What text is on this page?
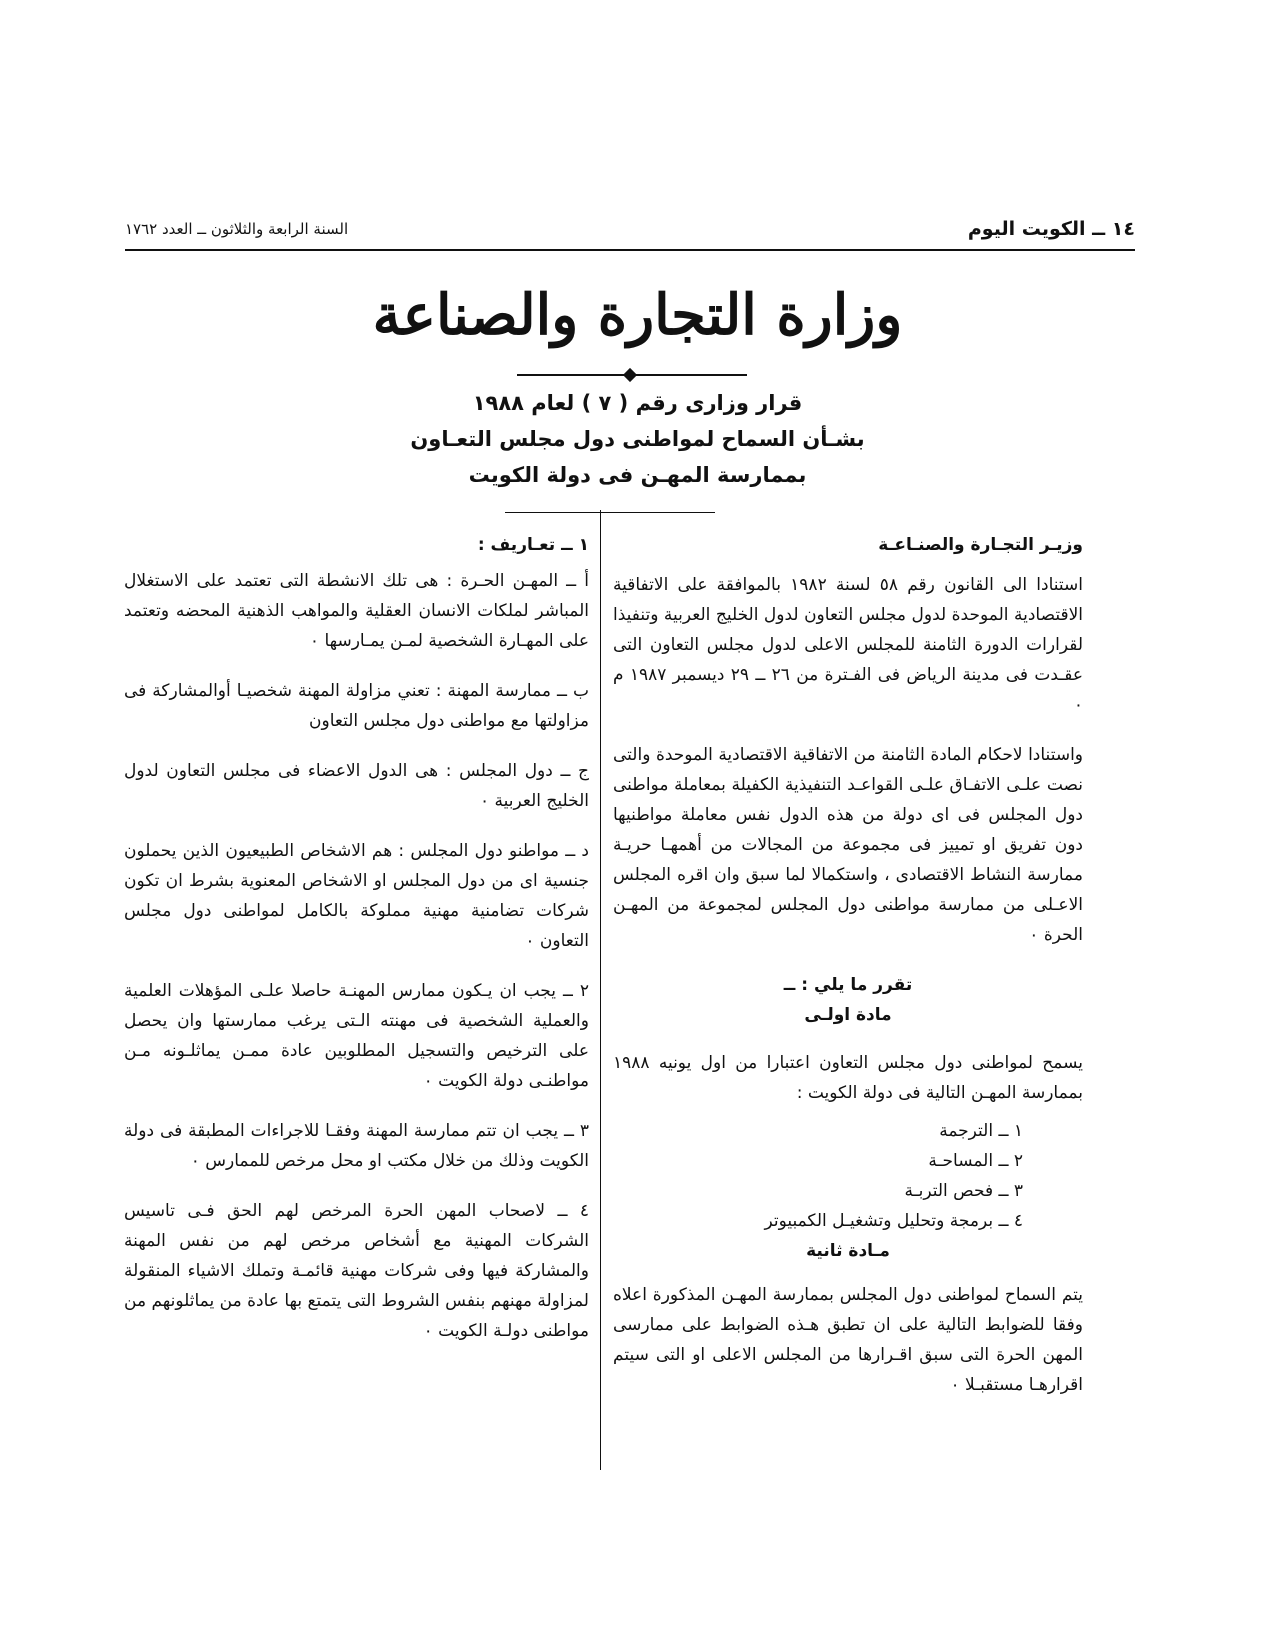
١٤ ــ الكويت اليوم
السنة الرابعة والثلاثون ــ العدد ١٧٦٢
وزارة التجارة والصناعة
قرار وزارى رقم ( ٧ ) لعام ١٩٨٨
بشـأن السماح لمواطنى دول مجلس التعـاون
بممارسة المهـن فى دولة الكويت

وزيـر التجـارة والصنـاعـة

استنادا الى القانون رقم ٥٨ لسنة ١٩٨٢ بالموافقة على الاتفاقية الاقتصادية الموحدة لدول مجلس التعاون لدول الخليج العربية وتنفيذا لقرارات الدورة الثامنة للمجلس الاعلى لدول مجلس التعاون التى عقـدت فى مدينة الرياض فى الفـترة من ٢٦ ــ ٢٩ ديسمبر ١٩٨٧ م ٠

واستنادا لاحكام المادة الثامنة من الاتفاقية الاقتصادية الموحدة والتى نصت علـى الاتفـاق علـى القواعـد التنفيذية الكفيلة بمعاملة مواطنى دول المجلس فى اى دولة من هذه الدول نفس معاملة مواطنيها دون تفريق او تمييز فى مجموعة من المجالات من أهمهـا حريـة ممارسة النشاط الاقتصادى ، واستكمالا لما سبق وان اقره المجلس الاعـلى من ممارسة مواطنى دول المجلس لمجموعة من المهـن الحرة ٠

تقرر ما يلي : ــ

مادة اولـى

يسمح لمواطنى دول مجلس التعاون اعتبارا من اول يونيه ١٩٨٨ بممارسة المهـن التالية فى دولة الكويت :

١ ــ الترجمة

٢ ــ المساحـة

٣ ــ فحص التربـة

٤ ــ برمجة وتحليل وتشغيـل الكمبيوتر

مـادة ثانية

يتم السماح لمواطنى دول المجلس بممارسة المهـن المذكورة اعلاه وفقا للضوابط التالية على ان تطبق هـذه الضوابط على ممارسى المهن الحرة التى سبق اقـرارها من المجلس الاعلى او التى سيتم اقرارهـا مستقبـلا ٠

١ ــ تعـاريف :

أ ــ المهـن الحـرة : هى تلك الانشطة التى تعتمد على الاستغلال المباشر لملكات الانسان العقلية والمواهب الذهنية المحضه وتعتمد على المهـارة الشخصية لمـن يمـارسها ٠

ب ــ ممارسة المهنة : تعني مزاولة المهنة شخصيـا أوالمشاركة فى مزاولتها مع مواطنى دول مجلس التعاون

ج ــ دول المجلس : هى الدول الاعضاء فى مجلس التعاون لدول الخليج العربية ٠

د ــ مواطنو دول المجلس : هم الاشخاص الطبيعيون الذين يحملون جنسية اى من دول المجلس او الاشخاص المعنوية بشرط ان تكون شركات تضامنية مهنية مملوكة بالكامل لمواطنى دول مجلس التعاون ٠

٢ ــ يجب ان يـكون ممارس المهنـة حاصلا علـى المؤهلات العلمية والعملية الشخصية فى مهنته الـتى يرغب ممارستها وان يحصل على الترخيص والتسجيل المطلوبين عادة ممـن يماثلـونه مـن مواطنـى دولة الكويت ٠

٣ ــ يجب ان تتم ممارسة المهنة وفقـا للاجراءات المطبقة فى دولة الكويت وذلك من خلال مكتب او محل مرخص للممارس ٠

٤ ــ لاصحاب المهن الحرة المرخص لهم الحق فـى تاسيس الشركات المهنية مع أشخاص مرخص لهم من نفس المهنة والمشاركة فيها وفى شركات مهنية قائمـة وتملك الاشياء المنقولة لمزاولة مهنهم بنفس الشروط التى يتمتع بها عادة من يماثلونهم من مواطنى دولـة الكويت ٠
